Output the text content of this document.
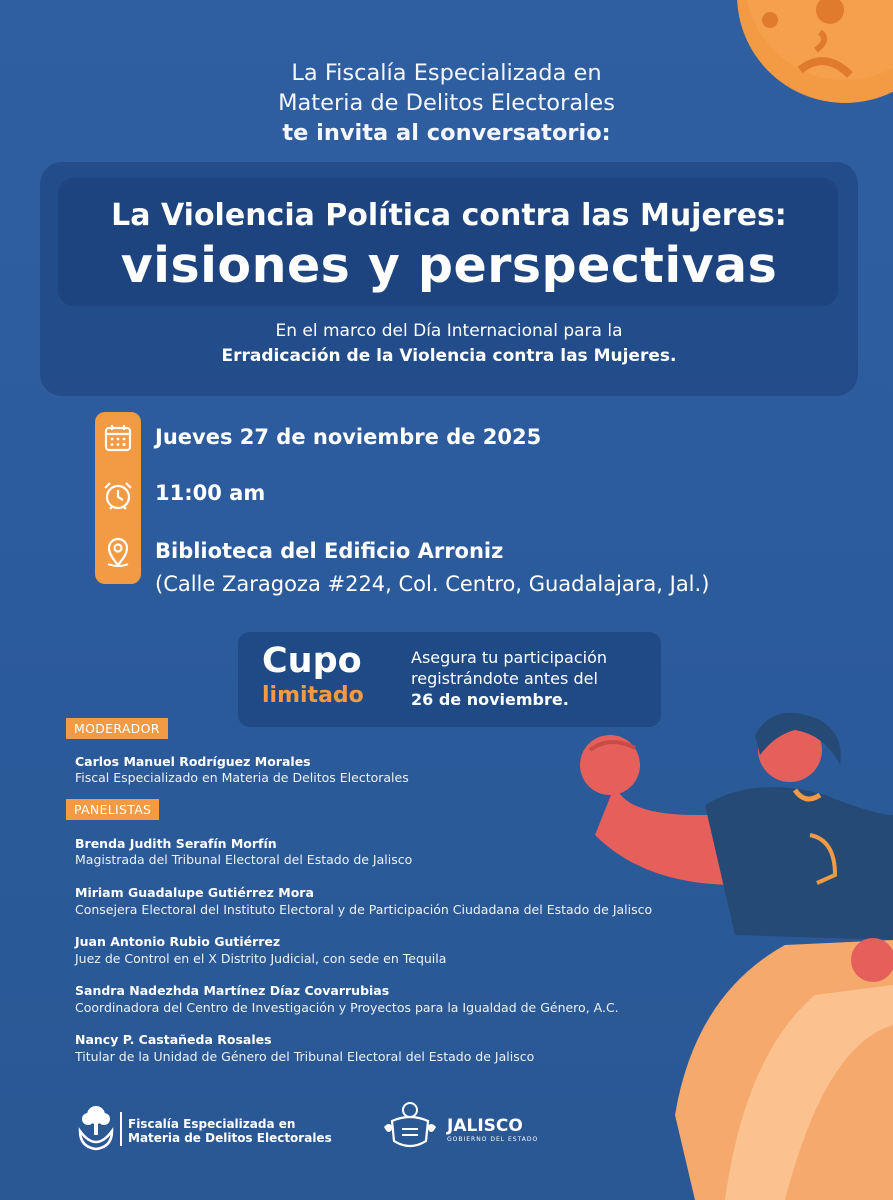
La Fiscalía Especializada en
Materia de Delitos Electorales
te invita al conversatorio:
La Violencia Política contra las Mujeres:
visiones y perspectivas
En el marco del Día Internacional para la
Erradicación de la Violencia contra las Mujeres.
Jueves 27 de noviembre de 2025
11:00 am
Biblioteca del Edificio Arroniz
(Calle Zaragoza #224, Col. Centro, Guadalajara, Jal.)
Cupo
limitado
Asegura tu participación
registrándote antes del
26 de noviembre.
MODERADOR
Carlos Manuel Rodríguez Morales
Fiscal Especializado en Materia de Delitos Electorales
PANELISTAS
Brenda Judith Serafín Morfín
Magistrada del Tribunal Electoral del Estado de Jalisco
Miriam Guadalupe Gutiérrez Mora
Consejera Electoral del Instituto Electoral y de Participación Ciudadana del Estado de Jalisco
Juan Antonio Rubio Gutiérrez
Juez de Control en el X Distrito Judicial, con sede en Tequila
Sandra Nadezhda Martínez Díaz Covarrubias
Coordinadora del Centro de Investigación y Proyectos para la Igualdad de Género, A.C.
Nancy P. Castañeda Rosales
Titular de la Unidad de Género del Tribunal Electoral del Estado de Jalisco
Fiscalía Especializada en
Materia de Delitos Electorales
JALISCO
GOBIERNO DEL ESTADO
